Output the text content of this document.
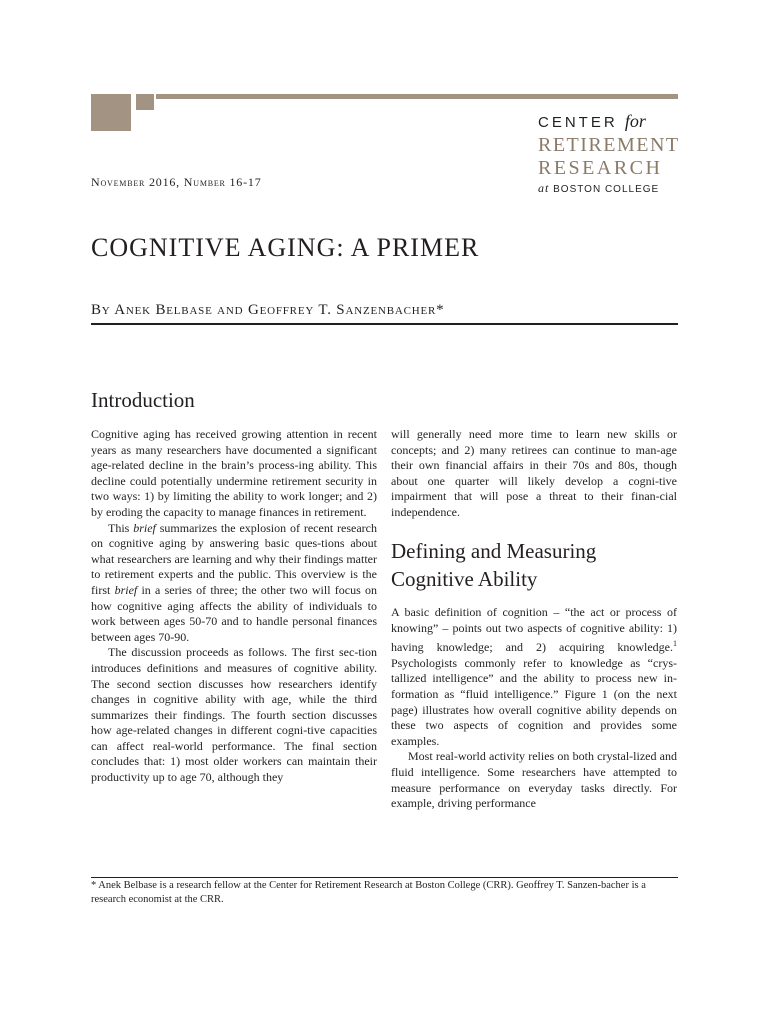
CENTER for
RETIREMENT
RESEARCH
at BOSTON COLLEGE
November 2016, Number 16-17
COGNITIVE AGING: A PRIMER
By Anek Belbase and Geoffrey T. Sanzenbacher*
Introduction

Cognitive aging has received growing attention in recent years as many researchers have documented a significant age-related decline in the brain’s process-ing ability. This decline could potentially undermine retirement security in two ways: 1) by limiting the ability to work longer; and 2) by eroding the capacity to manage finances in retirement.

This brief summarizes the explosion of recent research on cognitive aging by answering basic ques-tions about what researchers are learning and why their findings matter to retirement experts and the public. This overview is the first brief in a series of three; the other two will focus on how cognitive aging affects the ability of individuals to work between ages 50-70 and to handle personal finances between ages 70-90.

The discussion proceeds as follows. The first sec-tion introduces definitions and measures of cognitive ability. The second section discusses how researchers identify changes in cognitive ability with age, while the third summarizes their findings. The fourth section discusses how age-related changes in different cogni-tive capacities can affect real-world performance. The final section concludes that: 1) most older workers can maintain their productivity up to age 70, although they

will generally need more time to learn new skills or concepts; and 2) many retirees can continue to man-age their own financial affairs in their 70s and 80s, though about one quarter will likely develop a cogni-tive impairment that will pose a threat to their finan-cial independence.

Defining and Measuring
Cognitive Ability

A basic definition of cognition – “the act or process of knowing” – points out two aspects of cognitive ability: 1) having knowledge; and 2) acquiring knowledge.$^1$ Psychologists commonly refer to knowledge as “crys-tallized intelligence” and the ability to process new in-formation as “fluid intelligence.” Figure 1 (on the next page) illustrates how overall cognitive ability depends on these two aspects of cognition and provides some examples.

Most real-world activity relies on both crystal-lized and fluid intelligence. Some researchers have attempted to measure performance on everyday tasks directly. For example, driving performance

* Anek Belbase is a research fellow at the Center for Retirement Research at Boston College (CRR). Geoffrey T. Sanzen-bacher is a research economist at the CRR.
